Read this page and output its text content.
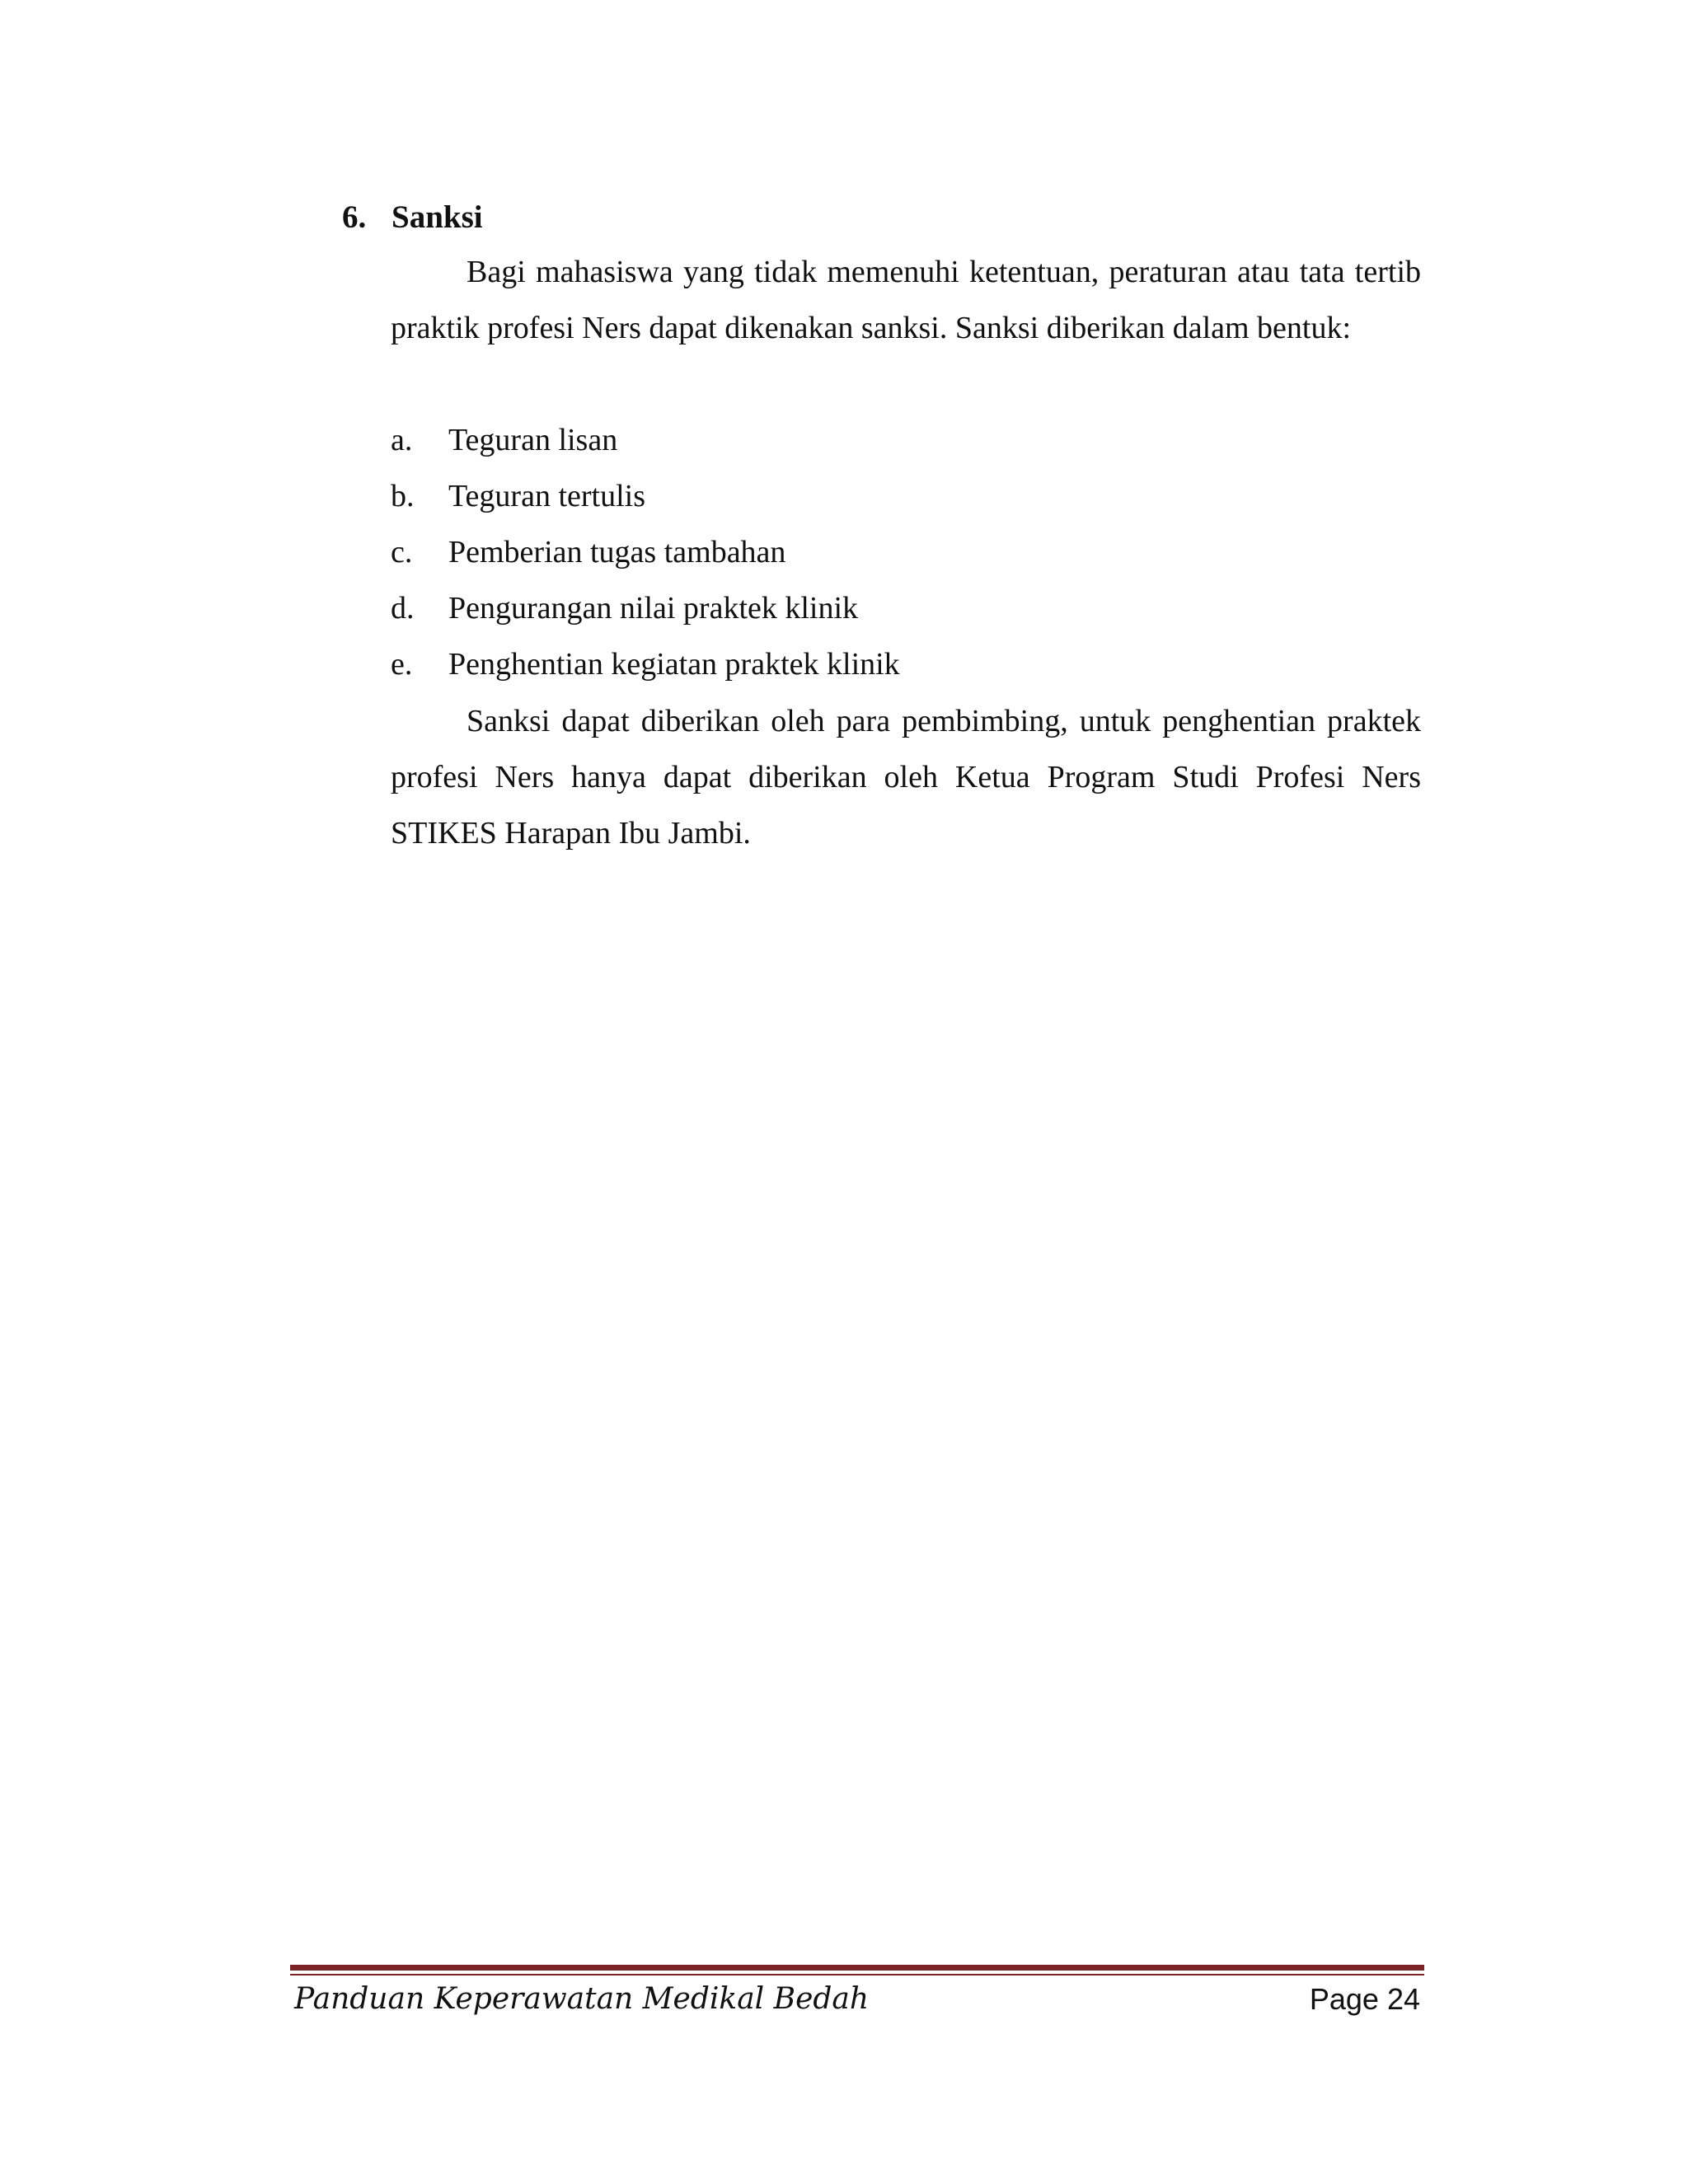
6. Sanksi

Bagi mahasiswa yang tidak memenuhi ketentuan, peraturan atau tata tertib praktik profesi Ners dapat dikenakan sanksi. Sanksi diberikan dalam bentuk:

a.	Teguran lisan
b.	Teguran tertulis
c.	Pemberian tugas tambahan
d.	Pengurangan nilai praktek klinik
e.	Penghentian kegiatan praktek klinik

Sanksi dapat diberikan oleh para pembimbing, untuk penghentian praktek profesi Ners hanya dapat diberikan oleh Ketua Program Studi Profesi Ners STIKES Harapan Ibu Jambi.

Panduan Keperawatan Medikal Bedah	Page 24
